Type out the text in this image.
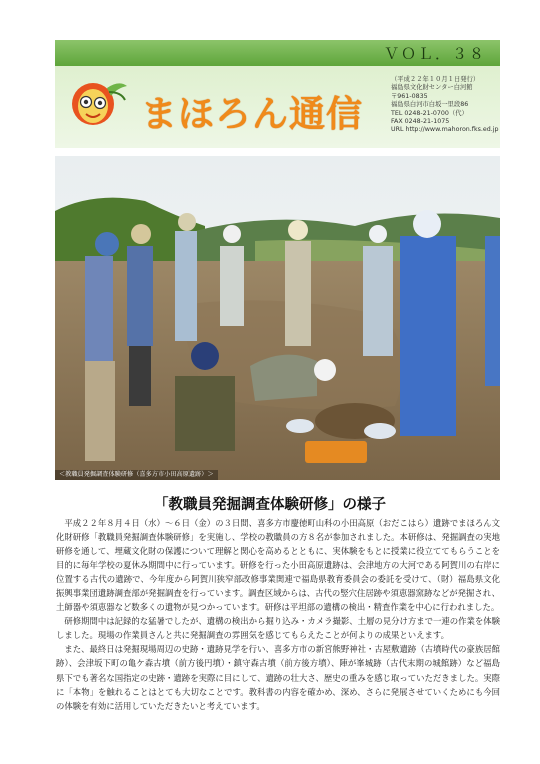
ＶＯＬ．３８
まほろん通信
（平成２２年１０月１日発行）
福島県文化財センター白河館
〒961-0835
福島県白河市白坂一里段86
TEL 0248-21-0700（代）
FAX 0248-21-1075
URL http://www.mahoron.fks.ed.jp
＜教職員発掘調査体験研修（喜多方市小田高原遺跡）＞
「教職員発掘調査体験研修」の様子

平成２２年８月４日（水）～６日（金）の３日間、喜多方市慶徳町山科の小田高原（おだこはら）遺跡でまほろん文化財研修「教職員発掘調査体験研修」を実施し、学校の教職員の方８名が参加されました。本研修は、発掘調査の実地研修を通して、埋蔵文化財の保護について理解と関心を高めるとともに、実体験をもとに授業に役立ててもらうことを目的に毎年学校の夏休み期間中に行っています。研修を行った小田高原遺跡は、会津地方の大河である阿賀川の右岸に位置する古代の遺跡で、今年度から阿賀川狭窄部改修事業関連で福島県教育委員会の委託を受けて、（財）福島県文化振興事業団遺跡調査部が発掘調査を行っています。調査区域からは、古代の竪穴住居跡や須恵器窯跡などが発掘され、土師器や須恵器など数多くの遺物が見つかっています。研修は平坦部の遺構の検出・精査作業を中心に行われました。

研修期間中は記録的な猛暑でしたが、遺構の検出から掘り込み・カメラ撮影、土層の見分け方まで一連の作業を体験しました。現場の作業員さんと共に発掘調査の雰囲気を感じてもらえたことが何よりの成果といえます。

また、最終日は発掘現場周辺の史跡・遺跡見学を行い、喜多方市の新宮熊野神社・古屋敷遺跡（古墳時代の豪族居館跡）、会津坂下町の亀ケ森古墳（前方後円墳）・鎮守森古墳（前方後方墳）、陣が峯城跡（古代末期の城館跡）など福島県下でも著名な国指定の史跡・遺跡を実際に目にして、遺跡の壮大さ、歴史の重みを感じ取っていただきました。実際に「本物」を触れることはとても大切なことです。教科書の内容を確かめ、深め、さらに発展させていくためにも今回の体験を有効に活用していただきたいと考えています。
